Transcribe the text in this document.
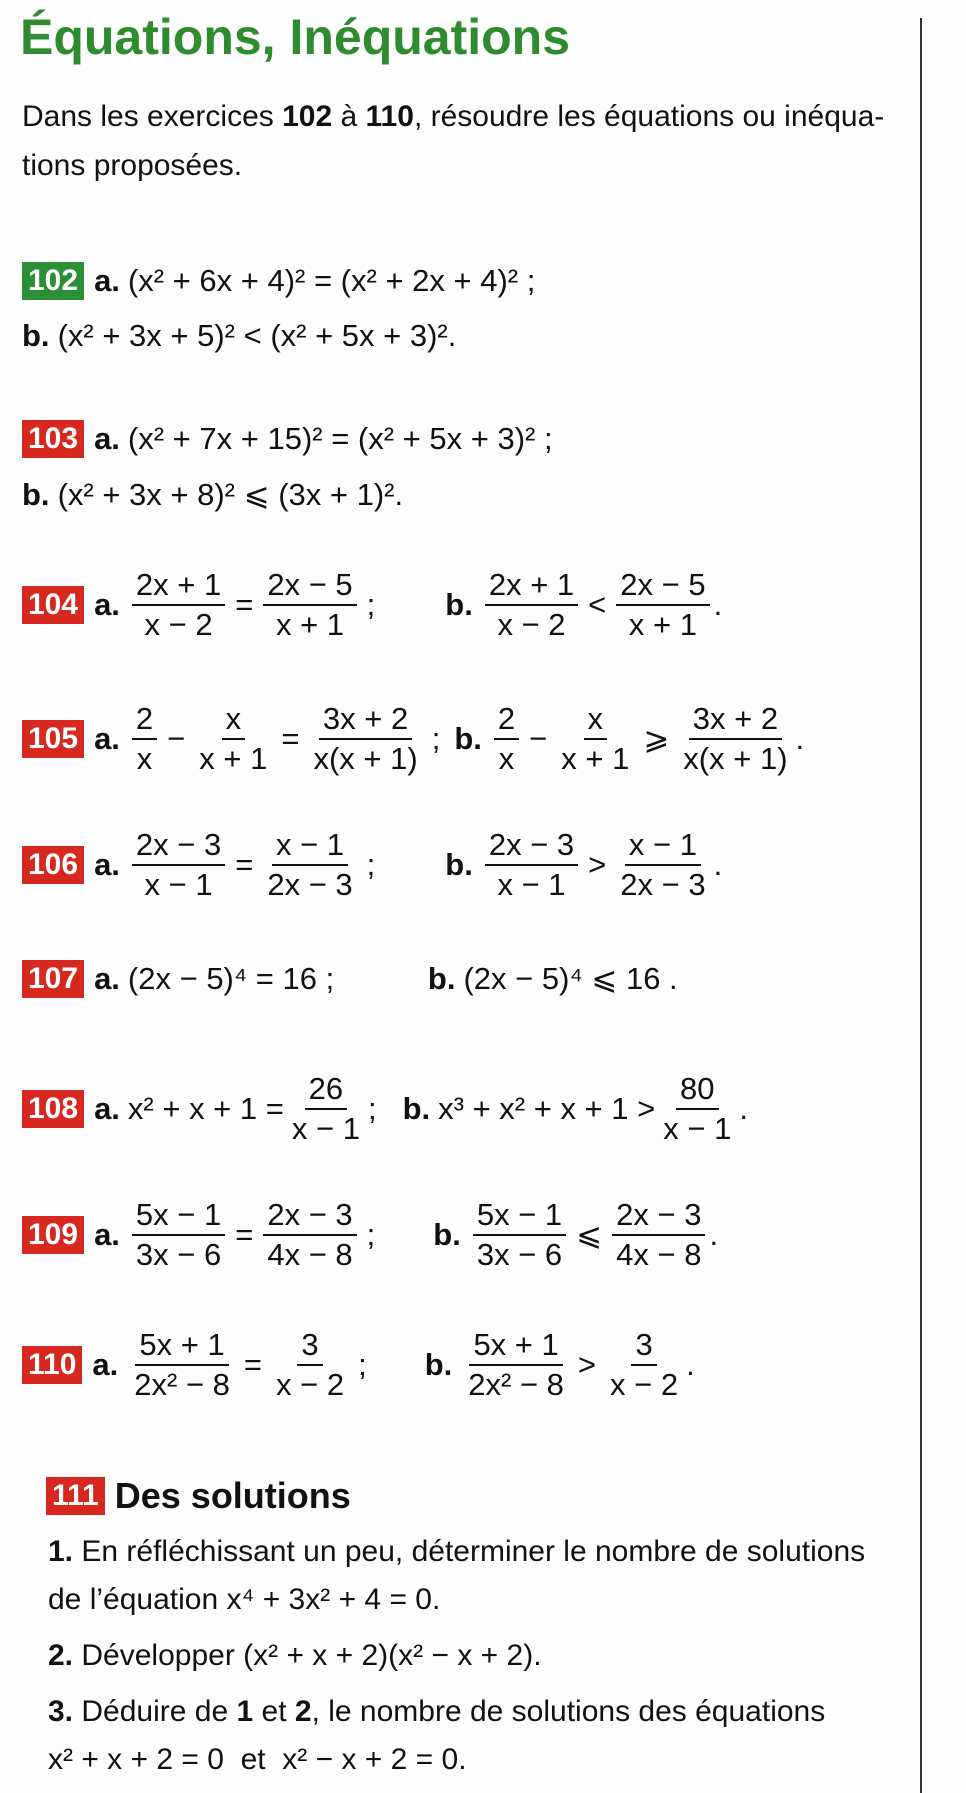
Équations, Inéquations
Dans les exercices 102 à 110, résoudre les équations ou inéqua-tions proposées.
102 a. (x² + 6x + 4)² = (x² + 2x + 4)² ;
b. (x² + 3x + 5)² < (x² + 5x + 3)².
103 a. (x² + 7x + 15)² = (x² + 5x + 3)² ;
b. (x² + 3x + 8)² ⩽ (3x + 1)².
104 a. $\frac{2x + 1}{x - 2} = \frac{2x - 5}{x + 1}$ ; b. $\frac{2x + 1}{x - 2} < \frac{2x - 5}{x + 1}$ .
105 a. $\frac{2}{x} - \frac{x}{x + 1} = \frac{3x + 2}{x(x + 1)}$ ; b. $\frac{2}{x} - \frac{x}{x + 1}$ ⩾ $\frac{3x + 2}{x(x + 1)}$ .
106 a. $\frac{2x - 3}{x - 1} = \frac{x - 1}{2x - 3}$ ; b. $\frac{2x - 3}{x - 1} > \frac{x - 1}{2x - 3}$ .
107 a. (2x − 5)⁴ = 16 ;	b. (2x − 5)⁴ ⩽ 16 .
108 a. $x^2 + x + 1 = \frac{26}{x - 1}$ ; b. $x^3 + x^2 + x + 1 > \frac{80}{x - 1}$ .
109 a. $\frac{5x - 1}{3x - 6} = \frac{2x - 3}{4x - 8}$ ; b. $\frac{5x - 1}{3x - 6}$ ⩽ $\frac{2x - 3}{4x - 8}$ .
110 a. $\frac{5x + 1}{\text{2x² − 8}} = \frac{3}{x - 2}$ ; b. $\frac{5x + 1}{\text{2x² − 8}} > \frac{3}{x - 2}$ .
111 Des solutions
1. En réfléchissant un peu, déterminer le nombre de solutions
de l’équation x⁴ + 3x² + 4 = 0.
2. Développer (x² + x + 2)(x² − x + 2).
3. Déduire de 1 et 2, le nombre de solutions des équations
x² + x + 2 = 0  et  x² − x + 2 = 0.
